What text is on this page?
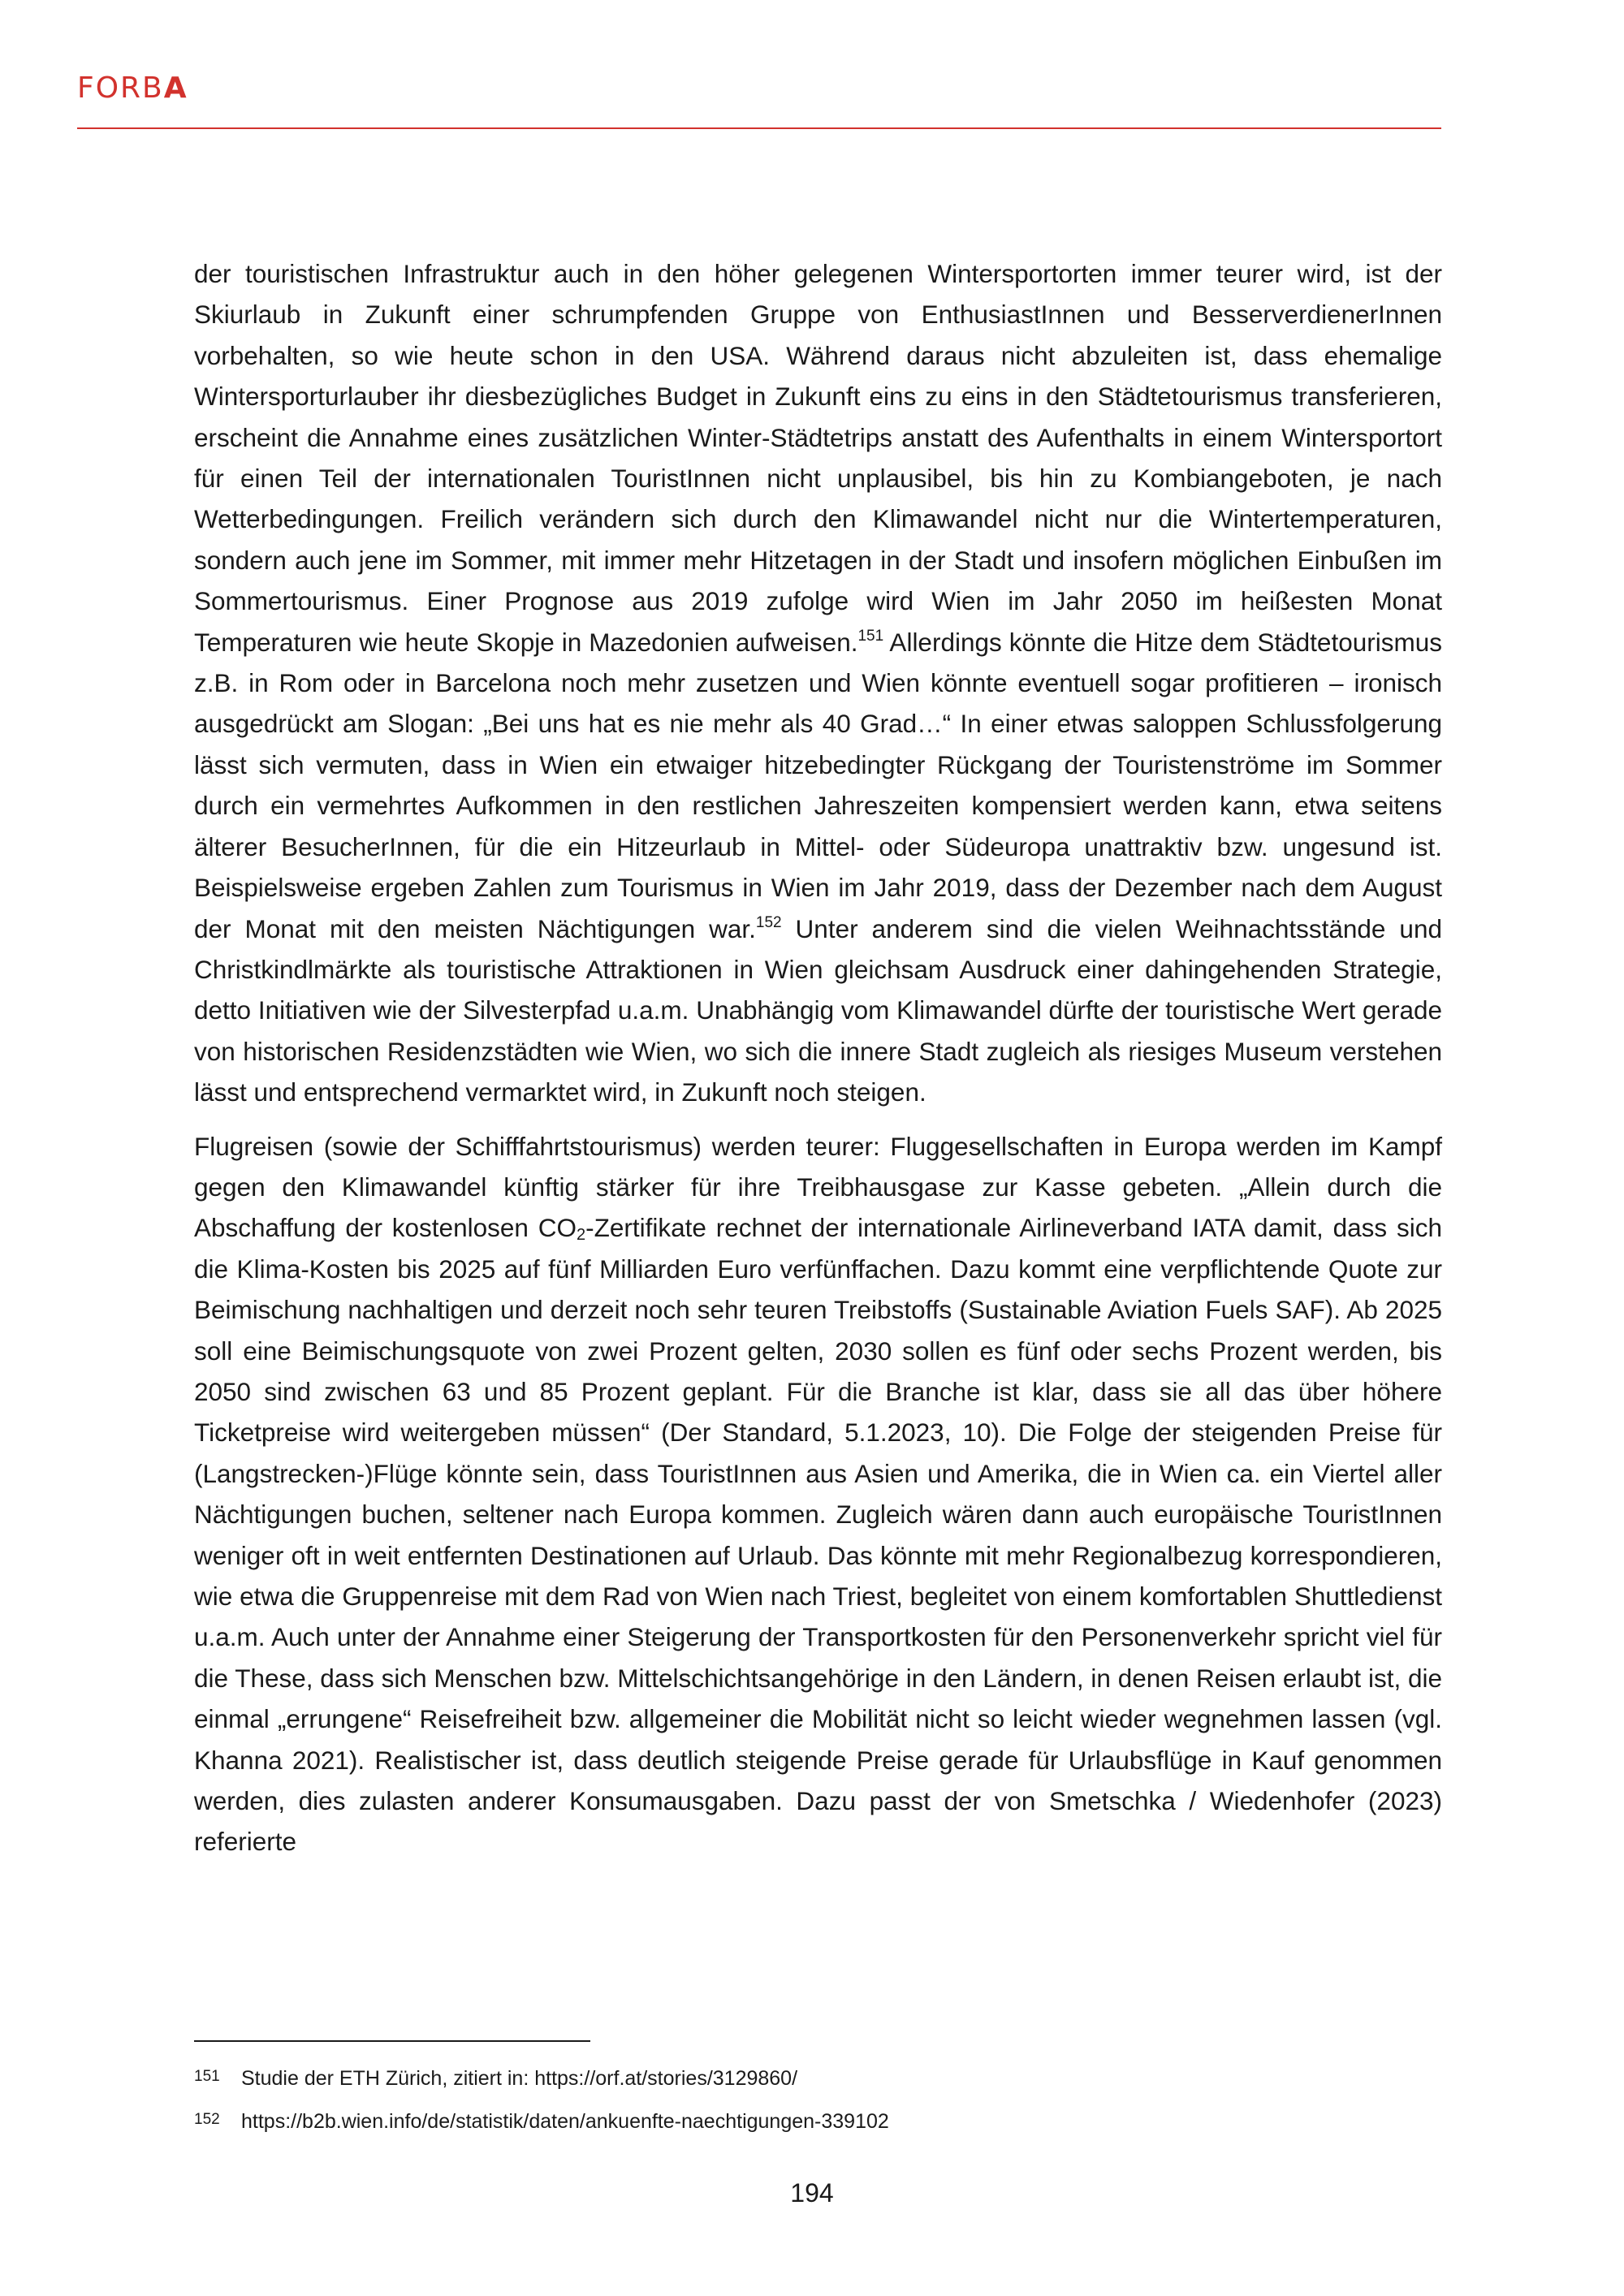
FORBA

der touristischen Infrastruktur auch in den höher gelegenen Wintersportorten immer teurer wird, ist der Skiurlaub in Zukunft einer schrumpfenden Gruppe von EnthusiastInnen und BesserverdienerInnen vorbehalten, so wie heute schon in den USA. Während daraus nicht abzuleiten ist, dass ehemalige Wintersporturlauber ihr diesbezügliches Budget in Zukunft eins zu eins in den Städtetourismus transferieren, erscheint die Annahme eines zusätzlichen Winter-Städtetrips anstatt des Aufenthalts in einem Wintersportort für einen Teil der internationalen TouristInnen nicht unplausibel, bis hin zu Kombiangeboten, je nach Wetterbedingungen. Freilich verändern sich durch den Klimawandel nicht nur die Wintertemperaturen, sondern auch jene im Sommer, mit immer mehr Hitzetagen in der Stadt und insofern möglichen Einbußen im Sommertourismus. Einer Prognose aus 2019 zufolge wird Wien im Jahr 2050 im heißesten Monat Temperaturen wie heute Skopje in Mazedonien aufweisen.$^{151}$ Allerdings könnte die Hitze dem Städtetourismus z.B. in Rom oder in Barcelona noch mehr zusetzen und Wien könnte eventuell sogar profitieren – ironisch ausgedrückt am Slogan: „Bei uns hat es nie mehr als 40 Grad…“ In einer etwas saloppen Schlussfolgerung lässt sich vermuten, dass in Wien ein etwaiger hitzebedingter Rückgang der Touristenströme im Sommer durch ein vermehrtes Aufkommen in den restlichen Jahreszeiten kompensiert werden kann, etwa seitens älterer BesucherInnen, für die ein Hitzeurlaub in Mittel- oder Südeuropa unattraktiv bzw. ungesund ist. Beispielsweise ergeben Zahlen zum Tourismus in Wien im Jahr 2019, dass der Dezember nach dem August der Monat mit den meisten Nächtigungen war.$^{152}$ Unter anderem sind die vielen Weihnachtsstände und Christkindlmärkte als touristische Attraktionen in Wien gleichsam Ausdruck einer dahingehenden Strategie, detto Initiativen wie der Silvesterpfad u.a.m. Unabhängig vom Klimawandel dürfte der touristische Wert gerade von historischen Residenzstädten wie Wien, wo sich die innere Stadt zugleich als riesiges Museum verstehen lässt und entsprechend vermarktet wird, in Zukunft noch steigen.

Flugreisen (sowie der Schifffahrtstourismus) werden teurer: Fluggesellschaften in Europa werden im Kampf gegen den Klimawandel künftig stärker für ihre Treibhausgase zur Kasse gebeten. „Allein durch die Abschaffung der kostenlosen $CO_2$-Zertifikate rechnet der internationale Airlineverband IATA damit, dass sich die Klima-Kosten bis 2025 auf fünf Milliarden Euro verfünffachen. Dazu kommt eine verpflichtende Quote zur Beimischung nachhaltigen und derzeit noch sehr teuren Treibstoffs (Sustainable Aviation Fuels SAF). Ab 2025 soll eine Beimischungsquote von zwei Prozent gelten, 2030 sollen es fünf oder sechs Prozent werden, bis 2050 sind zwischen 63 und 85 Prozent geplant. Für die Branche ist klar, dass sie all das über höhere Ticketpreise wird weitergeben müssen“ (Der Standard, 5.1.2023, 10). Die Folge der steigenden Preise für (Langstrecken-)Flüge könnte sein, dass TouristInnen aus Asien und Amerika, die in Wien ca. ein Viertel aller Nächtigungen buchen, seltener nach Europa kommen. Zugleich wären dann auch europäische TouristInnen weniger oft in weit entfernten Destinationen auf Urlaub. Das könnte mit mehr Regionalbezug korrespondieren, wie etwa die Gruppenreise mit dem Rad von Wien nach Triest, begleitet von einem komfortablen Shuttledienst u.a.m. Auch unter der Annahme einer Steigerung der Transportkosten für den Personenverkehr spricht viel für die These, dass sich Menschen bzw. Mittelschichtsangehörige in den Ländern, in denen Reisen erlaubt ist, die einmal „errungene“ Reisefreiheit bzw. allgemeiner die Mobilität nicht so leicht wieder wegnehmen lassen (vgl. Khanna 2021). Realistischer ist, dass deutlich steigende Preise gerade für Urlaubsflüge in Kauf genommen werden, dies zulasten anderer Konsumausgaben. Dazu passt der von Smetschka / Wiedenhofer (2023) referierte

151	Studie der ETH Zürich, zitiert in: https://orf.at/stories/3129860/
152	https://b2b.wien.info/de/statistik/daten/ankuenfte-naechtigungen-339102
194
